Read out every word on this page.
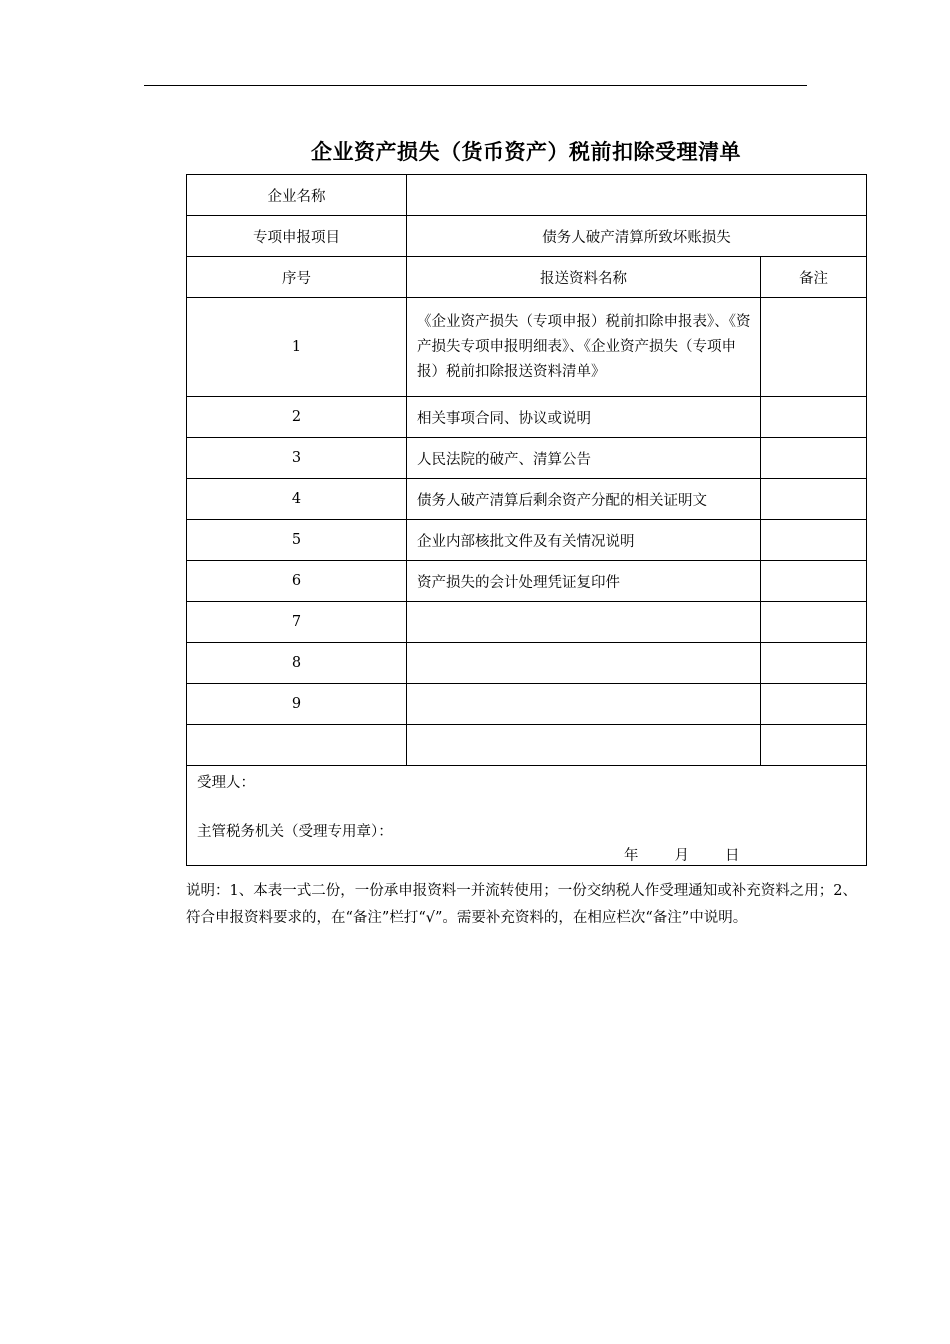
企业资产损失（货币资产）税前扣除受理清单
企业名称		
专项申报项目	债务人破产清算所致坏账损失	
序号	报送资料名称	备注
1	《企业资产损失（专项申报）税前扣除申报表》、《资产损失专项申报明细表》、《企业资产损失（专项申报）税前扣除报送资料清单》	
2	相关事项合同、协议或说明	
3	人民法院的破产、清算公告	
4	债务人破产清算后剩余资产分配的相关证明文	
5	企业内部核批文件及有关情况说明	
6	资产损失的会计处理凭证复印件	
7		
8		
9		

受理人：
主管税务机关（受理专用章）：
年 月 日		

说明：1、本表一式二份，一份承申报资料一并流转使用；一份交纳税人作受理通知或补充资料之用；2、符合申报资料要求的，在“备注”栏打“√”。需要补充资料的，在相应栏次“备注”中说明。
